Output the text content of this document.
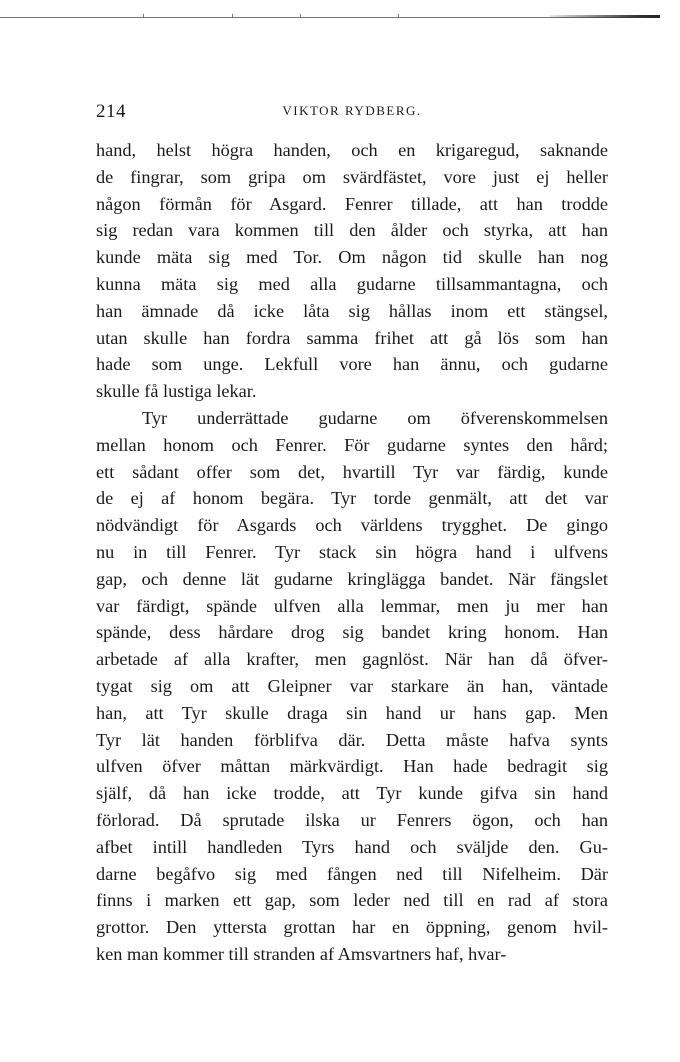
214	VIKTOR RYDBERG.
hand, helst högra handen, och en krigaregud, saknande
de fingrar, som gripa om svärdfästet, vore just ej heller
någon förmån för Asgard. Fenrer tillade, att han trodde
sig redan vara kommen till den ålder och styrka, att han
kunde mäta sig med Tor. Om någon tid skulle han nog
kunna mäta sig med alla gudarne tillsammantagna, och
han ämnade då icke låta sig hållas inom ett stängsel,
utan skulle han fordra samma frihet att gå lös som han
hade som unge. Lekfull vore han ännu, och gudarne
skulle få lustiga lekar.
Tyr underrättade gudarne om öfverenskommelsen
mellan honom och Fenrer. För gudarne syntes den hård;
ett sådant offer som det, hvartill Tyr var färdig, kunde
de ej af honom begära. Tyr torde genmält, att det var
nödvändigt för Asgards och världens trygghet. De gingo
nu in till Fenrer. Tyr stack sin högra hand i ulfvens
gap, och denne lät gudarne kringlägga bandet. När fängslet
var färdigt, spände ulfven alla lemmar, men ju mer han
spände, dess hårdare drog sig bandet kring honom. Han
arbetade af alla krafter, men gagnlöst. När han då öfver-
tygat sig om att Gleipner var starkare än han, väntade
han, att Tyr skulle draga sin hand ur hans gap. Men
Tyr lät handen förblifva där. Detta måste hafva synts
ulfven öfver måttan märkvärdigt. Han hade bedragit sig
själf, då han icke trodde, att Tyr kunde gifva sin hand
förlorad. Då sprutade ilska ur Fenrers ögon, och han
afbet intill handleden Tyrs hand och sväljde den. Gu-
darne begåfvo sig med fången ned till Nifelheim. Där
finns i marken ett gap, som leder ned till en rad af stora
grottor. Den yttersta grottan har en öppning, genom hvil-
ken man kommer till stranden af Amsvartners haf, hvar-
